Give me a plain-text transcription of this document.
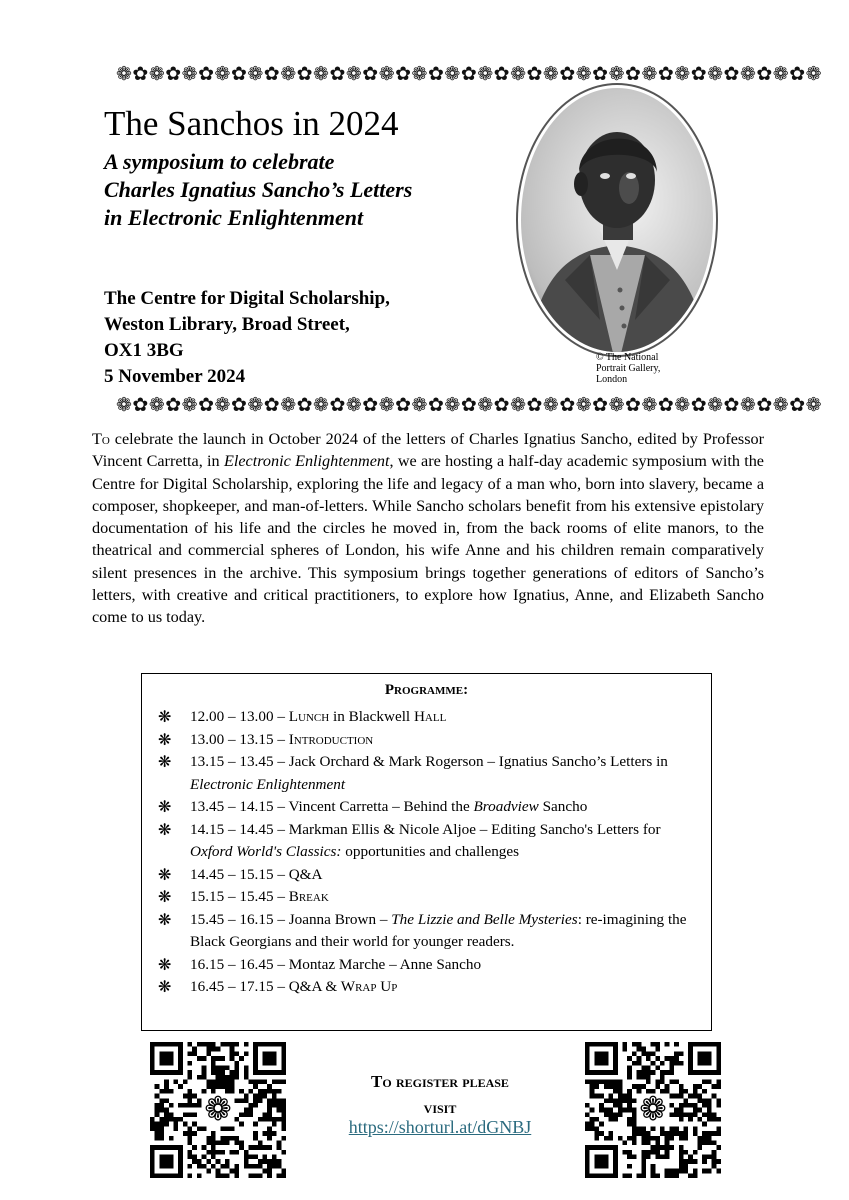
❁✿❁✿❁✿❁✿❁✿❁✿❁✿❁✿❁✿❁✿❁✿❁✿❁✿❁✿❁✿❁✿❁✿❁✿❁✿❁✿❁✿❁
The Sanchos in 2024
A symposium to celebrate
Charles Ignatius Sancho’s Letters
in Electronic Enlightenment
The Centre for Digital Scholarship,
Weston Library, Broad Street,
OX1 3BG
5 November 2024
© The National
Portrait Gallery,
London
❁✿❁✿❁✿❁✿❁✿❁✿❁✿❁✿❁✿❁✿❁✿❁✿❁✿❁✿❁✿❁✿❁✿❁✿❁✿❁✿❁✿❁

To celebrate the launch in October 2024 of the letters of Charles Ignatius Sancho, edited by Professor Vincent Carretta, in Electronic Enlightenment, we are hosting a half-day academic symposium with the Centre for Digital Scholarship, exploring the life and legacy of a man who, born into slavery, became a composer, shopkeeper, and man-of-letters. While Sancho scholars benefit from his extensive epistolary documentation of his life and the circles he moved in, from the back rooms of elite manors, to the theatrical and commercial spheres of London, his wife Anne and his children remain comparatively silent presences in the archive. This symposium brings together generations of editors of Sancho’s letters, with creative and critical practitioners, to explore how Ignatius, Anne, and Elizabeth Sancho come to us today.

Programme:
❋ 12.00 – 13.00 – Lunch in Blackwell Hall
❋ 13.00 – 13.15 – Introduction
❋ 13.15 – 13.45 – Jack Orchard & Mark Rogerson – Ignatius Sancho’s Letters in Electronic Enlightenment
❋ 13.45 – 14.15 – Vincent Carretta – Behind the Broadview Sancho
❋ 14.15 – 14.45 – Markman Ellis & Nicole Aljoe – Editing Sancho's Letters for Oxford World's Classics: opportunities and challenges
❋ 14.45 – 15.15 – Q&A
❋ 15.15 – 15.45 – Break
❋ 15.45 – 16.15 – Joanna Brown – The Lizzie and Belle Mysteries: re-imagining the Black Georgians and their world for younger readers.
❋ 16.15 – 16.45 – Montaz Marche – Anne Sancho
❋ 16.45 – 17.15 – Q&A & Wrap Up
❁	❁
To register please
visit
https://shorturl.at/dGNBJ
